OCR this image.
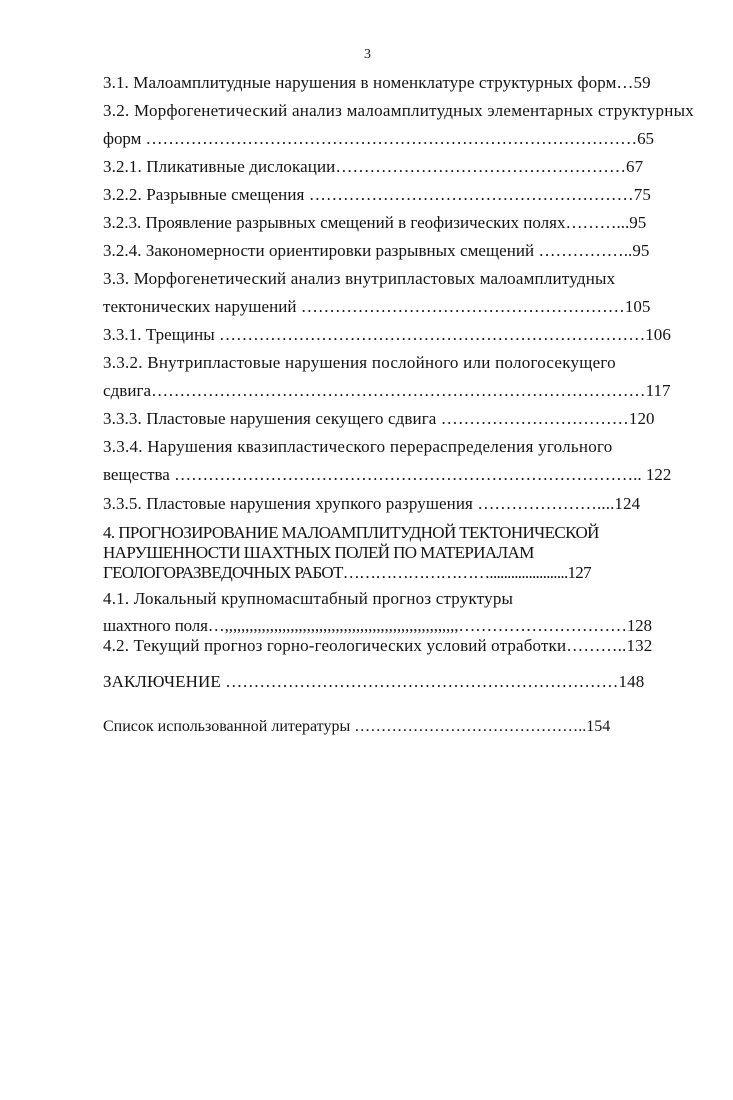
3
3.1. Малоамплитудные нарушения в номенклатуре структурных форм…59
3.2. Морфогенетический анализ малоамплитудных элементарных структурных
форм ……………………………………………………………………………65
3.2.1. Пликативные дислокации……………………………………………67
3.2.2. Разрывные смещения …………………………………………………75
3.2.3. Проявление разрывных смещений в геофизических полях………...95
3.2.4. Закономерности ориентировки разрывных смещений ……………..95
3.3. Морфогенетический анализ внутрипластовых малоамплитудных
тектонических нарушений …………………………………………………105
3.3.1. Трещины …………………………………………………………………106
3.3.2. Внутрипластовые нарушения послойного или пологосекущего
сдвига……………………………………………………………………………117
3.3.3. Пластовые нарушения секущего сдвига ……………………………120
3.3.4. Нарушения квазипластического перераспределения угольного
вещества ……………………………………………………………………….. 122
3.3.5. Пластовые нарушения хрупкого разрушения …………………....124
4. ПРОГНОЗИРОВАНИЕ МАЛОАМПЛИТУДНОЙ ТЕКТОНИЧЕСКОЙ
НАРУШЕННОСТИ ШАХТНЫХ ПОЛЕЙ ПО МАТЕРИАЛАМ
ГЕОЛОГОРАЗВЕДОЧНЫХ РАБОТ………………………......................127
4.1. Локальный крупномасштабный прогноз структуры
шахтного поля…,,,,,,,,,,,,,,,,,,,,,,,,,,,,,,,,,,,,,,,,,,,,,,,,,,,,,,,,,…………………………128
4.2. Текущий прогноз горно-геологических условий отработки………..132
ЗАКЛЮЧЕНИЕ ……………………………………………………………148
Список использованной литературы ……………………………………..154
